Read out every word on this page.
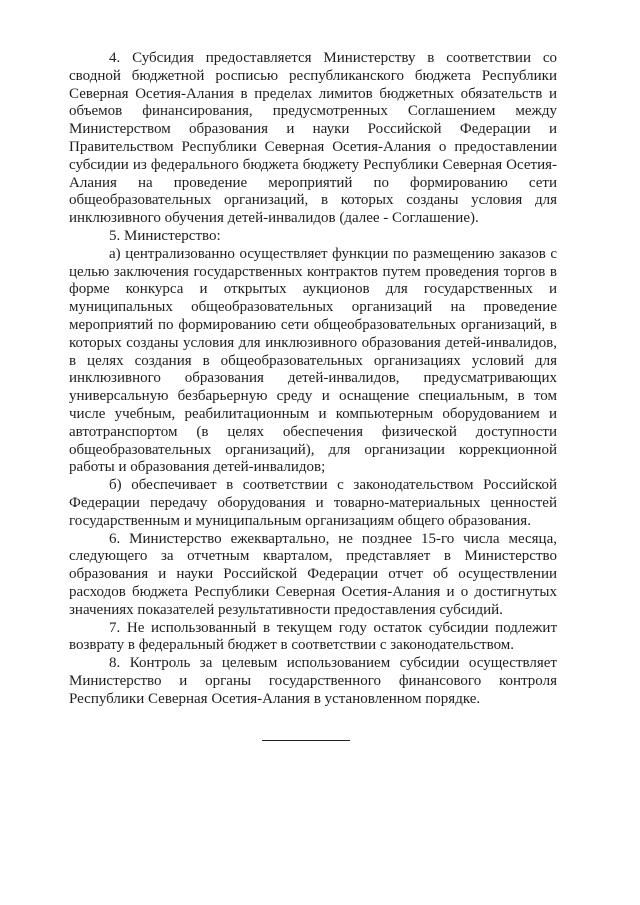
4. Субсидия предоставляется Министерству в соответствии со сводной бюджетной росписью республиканского бюджета Республики Северная Осетия-Алания в пределах лимитов бюджетных обязательств и объемов финансирования, предусмотренных Соглашением между Министерством образования и науки Российской Федерации и Правительством Республики Северная Осетия-Алания о предоставлении субсидии из федерального бюджета бюджету Республики Северная Осетия-Алания на проведение мероприятий по формированию сети общеобразовательных организаций, в которых созданы условия для инклюзивного обучения детей-инвалидов (далее - Соглашение).

5. Министерство:

а) централизованно осуществляет функции по размещению заказов с целью заключения государственных контрактов путем проведения торгов в форме конкурса и открытых аукционов для государственных и муниципальных общеобразовательных организаций на проведение мероприятий по формированию сети общеобразовательных организаций, в которых созданы условия для инклюзивного образования детей-инвалидов, в целях создания в общеобразовательных организациях условий для инклюзивного образования детей-инвалидов, предусматривающих универсальную безбарьерную среду и оснащение специальным, в том числе учебным, реабилитационным и компьютерным оборудованием и автотранспортом (в целях обеспечения физической доступности общеобразовательных организаций), для организации коррекционной работы и образования детей-инвалидов;

б) обеспечивает в соответствии с законодательством Российской Федерации передачу оборудования и товарно-материальных ценностей государственным и муниципальным организациям общего образования.

6. Министерство ежеквартально, не позднее 15-го числа месяца, следующего за отчетным кварталом, представляет в Министерство образования и науки Российской Федерации отчет об осуществлении расходов бюджета Республики Северная Осетия-Алания и о достигнутых значениях показателей результативности предоставления субсидий.

7. Не использованный в текущем году остаток субсидии подлежит возврату в федеральный бюджет в соответствии с законодательством.

8. Контроль за целевым использованием субсидии осуществляет Министерство и органы государственного финансового контроля Республики Северная Осетия-Алания в установленном порядке.
